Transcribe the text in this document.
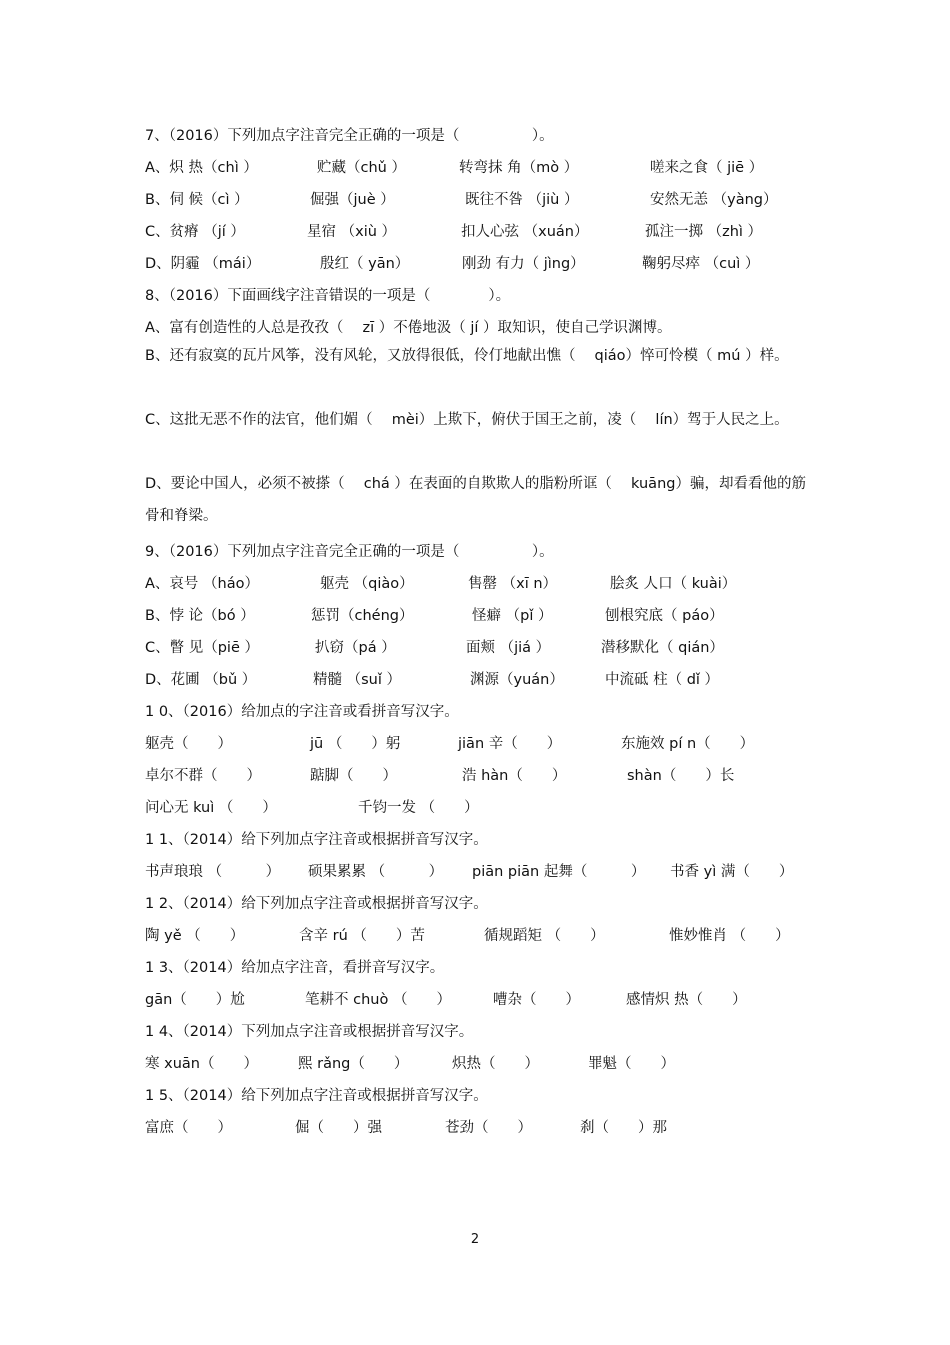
7、（2016）下列加点字注音完全正确的一项是（　　　　　）。
A、炽 热（chì ）	贮藏（chǔ ）	转弯抹 角（mò ）	嗟来之食（ jiē ）
B、伺 候（cì ）	倔强（juè ）	既往不咎 （jiù ）	安然无恙 （yàng）
C、贫瘠 （jí ）	星宿 （xiù ）	扣人心弦 （xuán）	孤注一掷 （zhì ）
D、阴霾 （mái）	殷红（ yān）	刚劲 有力（ jìng）	鞠躬尽瘁 （cuì ）
8、（2016）下面画线字注音错误的一项是（　　　　）。
A、富有创造性的人总是孜孜（　 zī ）不倦地汲（ jí ）取知识，使自己学识渊博。
B、还有寂寞的瓦片风筝，没有风轮，又放得很低，伶仃地献出憔（　 qiáo）悴可怜模（ mú ）样。
C、这批无恶不作的法官，他们媚（　 mèi）上欺下，俯伏于国王之前，凌（　 lín）驾于人民之上。
D、要论中国人，必须不被搽（　 chá ）在表面的自欺欺人的脂粉所诓（　 kuāng）骗，却看看他的筋骨和脊梁。
9、（2016）下列加点字注音完全正确的一项是（　　　　　）。
A、哀号 （háo）	躯壳 （qiào）	售罄 （xī n）	脍炙 人口（ kuài）
B、悖 论（bó ）	惩罚（chéng）	怪癖 （pǐ ）	刨根究底（ páo）
C、瞥 见（piē ）	扒窃（pá ）	面颊 （jiá ）	潜移默化（ qián）
D、花圃 （bǔ ）	精髓 （suǐ ）	渊源（yuán）	中流砥 柱（ dǐ ）
1 0、（2016）给加点的字注音或看拼音写汉字。
躯壳（　　）	jū （　　）躬	jiān 辛（　　）	东施效 pí n（　　）
卓尔不群（　　）	踮脚（　　）	浩 hàn（　　）	shàn（　　）长
问心无 kuì （　　）	千钧一发 （　　）
1 1、（2014）给下列加点字注音或根据拼音写汉字。
书声琅琅 （　　　） 硕果累累 （　　　） piān piān 起舞（　　　） 书香 yì 满（　　）
1 2、（2014）给下列加点字注音或根据拼音写汉字。
陶 yě （　　）	含辛 rú （　　）苦	循规蹈矩 （　　）	惟妙惟肖 （　　）
1 3、（2014）给加点字注音，看拼音写汉字。
gān（　　）尬	笔耕不 chuò （　　）	嘈杂（　　）	感情炽 热（　　）
1 4、（2014）下列加点字注音或根据拼音写汉字。
寒 xuān（　　）	熙 rǎng（　　）	炽热（　　）	罪魁（　　）
1 5、（2014）给下列加点字注音或根据拼音写汉字。
富庶（　　）	倔（　　）强	苍劲（　　）	刹（　　）那
2
